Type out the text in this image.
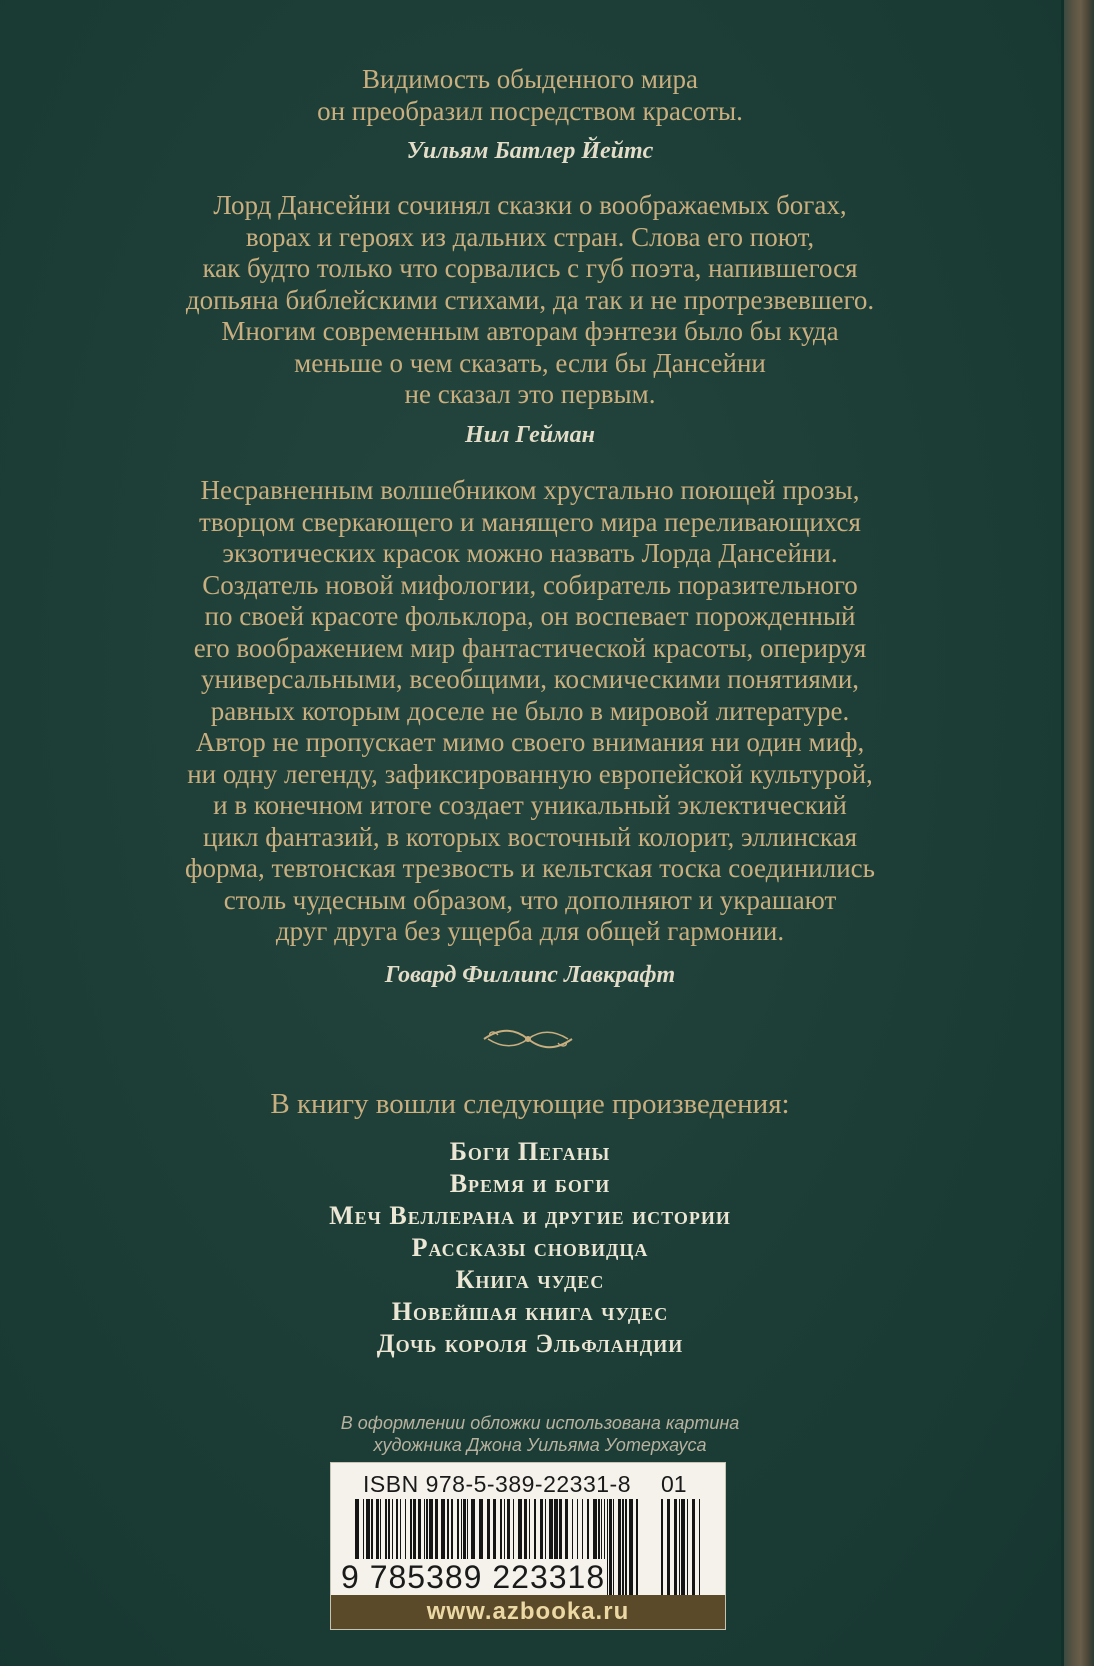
Видимость обыденного мира
он преобразил посредством красоты.
Уильям Батлер Йейтс
Лорд Дансейни сочинял сказки о воображаемых богах,
ворах и героях из дальних стран. Слова его поют,
как будто только что сорвались с губ поэта, напившегося
допьяна библейскими стихами, да так и не протрезвевшего.
Многим современным авторам фэнтези было бы куда
меньше о чем сказать, если бы Дансейни
не сказал это первым.
Нил Гейман
Несравненным волшебником хрустально поющей прозы,
творцом сверкающего и манящего мира переливающихся
экзотических красок можно назвать Лорда Дансейни.
Создатель новой мифологии, собиратель поразительного
по своей красоте фольклора, он воспевает порожденный
его воображением мир фантастической красоты, оперируя
универсальными, всеобщими, космическими понятиями,
равных которым доселе не было в мировой литературе.
Автор не пропускает мимо своего внимания ни один миф,
ни одну легенду, зафиксированную европейской культурой,
и в конечном итоге создает уникальный эклектический
цикл фантазий, в которых восточный колорит, эллинская
форма, тевтонская трезвость и кельтская тоска соединились
столь чудесным образом, что дополняют и украшают
друг друга без ущерба для общей гармонии.
Говард Филлипс Лавкрафт
В книгу вошли следующие произведения:
Боги Пеганы
Время и боги
Меч Веллерана и другие истории
Рассказы сновидца
Книга чудес
Новейшая книга чудес
Дочь короля Эльфландии
В оформлении обложки использована картина
художника Джона Уильяма Уотерхауса
ISBN 978-5-389-22331-8 01
9 785389 223318
www.azbooka.ru
